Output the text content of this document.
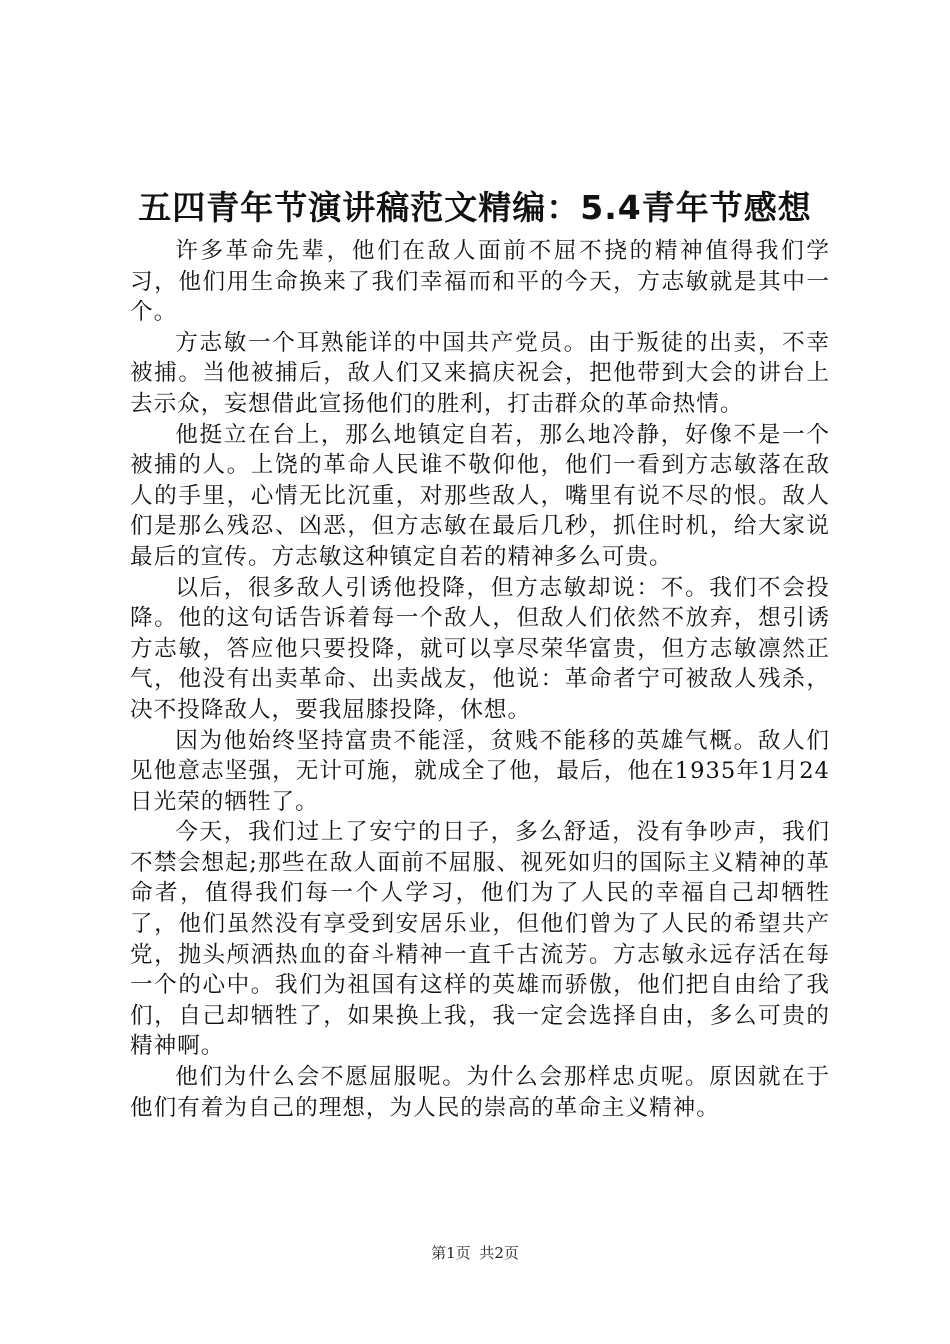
五四青年节演讲稿范文精编：5.4青年节感想

许多革命先辈，他们在敌人面前不屈不挠的精神值得我们学习，他们用生命换来了我们幸福而和平的今天，方志敏就是其中一个。

方志敏一个耳熟能详的中国共产党员。由于叛徒的出卖，不幸被捕。当他被捕后，敌人们又来搞庆祝会，把他带到大会的讲台上去示众，妄想借此宣扬他们的胜利，打击群众的革命热情。

他挺立在台上，那么地镇定自若，那么地冷静，好像不是一个被捕的人。上饶的革命人民谁不敬仰他，他们一看到方志敏落在敌人的手里，心情无比沉重，对那些敌人，嘴里有说不尽的恨。敌人们是那么残忍、凶恶，但方志敏在最后几秒，抓住时机，给大家说最后的宣传。方志敏这种镇定自若的精神多么可贵。

以后，很多敌人引诱他投降，但方志敏却说：不。我们不会投降。他的这句话告诉着每一个敌人，但敌人们依然不放弃，想引诱方志敏，答应他只要投降，就可以享尽荣华富贵，但方志敏凛然正气，他没有出卖革命、出卖战友，他说：革命者宁可被敌人残杀，决不投降敌人，要我屈膝投降，休想。

因为他始终坚持富贵不能淫，贫贱不能移的英雄气概。敌人们见他意志坚强，无计可施，就成全了他，最后，他在1935年1月24日光荣的牺牲了。

今天，我们过上了安宁的日子，多么舒适，没有争吵声，我们不禁会想起;那些在敌人面前不屈服、视死如归的国际主义精神的革命者，值得我们每一个人学习，他们为了人民的幸福自己却牺牲了，他们虽然没有享受到安居乐业，但他们曾为了人民的希望共产党，抛头颅洒热血的奋斗精神一直千古流芳。方志敏永远存活在每一个的心中。我们为祖国有这样的英雄而骄傲，他们把自由给了我们，自己却牺牲了，如果换上我，我一定会选择自由，多么可贵的精神啊。

他们为什么会不愿屈服呢。为什么会那样忠贞呢。原因就在于他们有着为自己的理想，为人民的崇高的革命主义精神。

第1页 共2页
